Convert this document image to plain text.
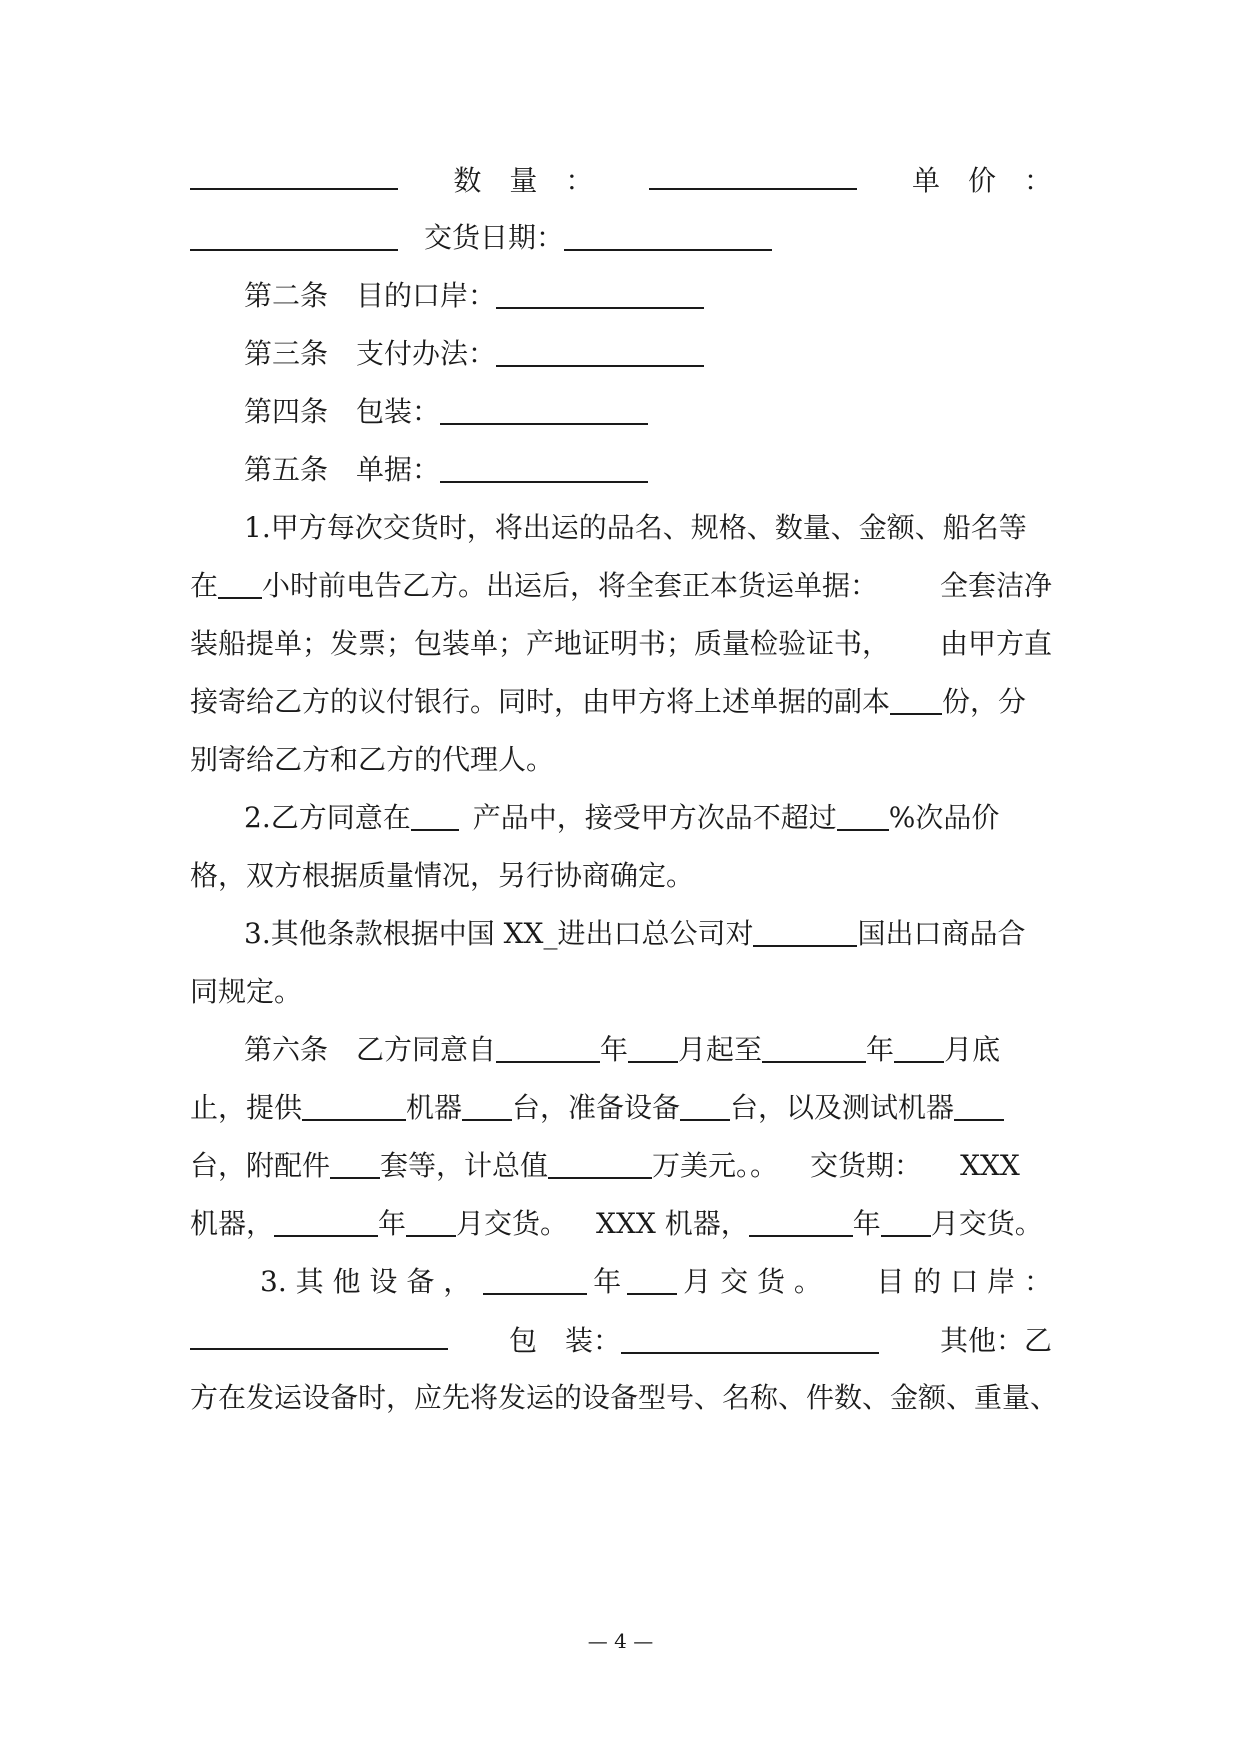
数　量　：	单　价　：
交货日期：
第二条　目的口岸：
第三条　支付办法：
第四条　包装：
第五条　单据：
1.甲方每次交货时，将出运的品名、规格、数量、金额、船名等
在 小时前电告乙方。出运后，将全套正本货运单据： 全套洁净
装船提单；发票；包装单；产地证明书；质量检验证书， 由甲方直
接寄给乙方的议付银行。同时，由甲方将上述单据的副本 份，分
别寄给乙方和乙方的代理人。
2.乙方同意在 产品中，接受甲方次品不超过 %次品价
格，双方根据质量情况，另行协商确定。
3.其他条款根据中国 XX_进出口总公司对	国出口商品合
同规定。
第六条　乙方同意自	年 月起至	年 月底
止，提供	机器 台，准备设备 台，以及测试机器
台，附配件 套等，计总值	万美元。。 交货期： XXX
机器，	年 月交货。 XXX 机器，	年 月交货。
3. 其 他 设 备 ，	年 月 交 货 。 目 的 口 岸 ：
包　装：	其他：乙
方在发运设备时，应先将发运的设备型号、名称、件数、金额、重量、
— 4 —
